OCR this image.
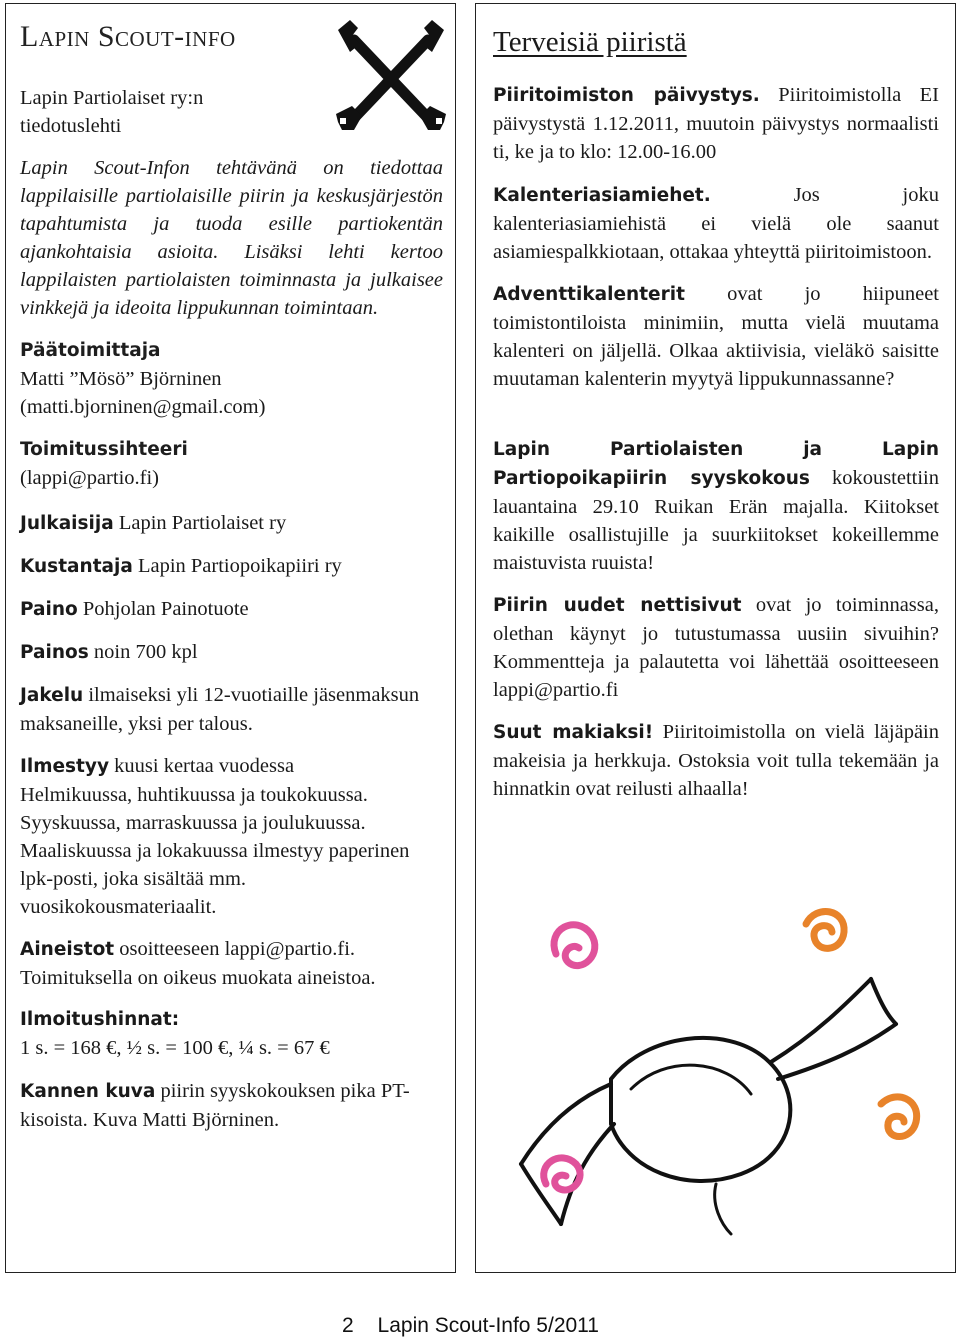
Lapin Scout-info
Lapin Partiolaiset ry:n tiedotuslehti
Lapin Scout-Infon tehtävänä on tiedottaa lappilaisille partiolaisille piirin ja keskusjärjestön tapahtumista ja tuoda esille partiokentän ajankohtaisia asioita. Lisäksi lehti kertoo lappilaisten partiolaisten toiminnasta ja julkaisee vinkkejä ja ideoita lippukunnan toimintaan.
Päätoimittaja
Matti ”Mösö” Björninen
(matti.bjorninen@gmail.com)
Toimitussihteeri
(lappi@partio.fi)
Julkaisija Lapin Partiolaiset ry
Kustantaja Lapin Partiopoikapiiri ry
Paino Pohjolan Painotuote
Painos noin 700 kpl
Jakelu ilmaiseksi yli 12-vuotiaille jäsenmaksun maksaneille, yksi per talous.
Ilmestyy kuusi kertaa vuodessa
Helmikuussa, huhtikuussa ja toukokuussa. Syyskuussa, marraskuussa ja joulukuussa. Maaliskuussa ja lokakuussa ilmestyy paperinen lpk-posti, joka sisältää mm. vuosikokousmateriaalit.
Aineistot osoitteeseen lappi@partio.fi.
Toimituksella on oikeus muokata aineistoa.
Ilmoitushinnat:
1 s. = 168 €, ½ s. = 100 €, ¼ s. = 67 €
Kannen kuva piirin syyskokouksen pika PT-kisoista. Kuva Matti Björninen.
Terveisiä piiristä
Piiritoimiston päivystys. Piiritoimistolla EI päivystystä 1.12.2011, muutoin päivystys normaalisti ti, ke ja to klo: 12.00-16.00
Kalenteriasiamiehet.	Jos joku kalenteriasiamiehistä ei vielä ole saanut asiamiespalkkiotaan, ottakaa yhteyttä piiritoimistoon.
Adventtikalenterit ovat jo hiipuneet toimistontiloista minimiin, mutta vielä muutama kalenteri on jäljellä. Olkaa aktiivisia, vieläkö saisitte muutaman kalenterin myytyä lippukunnassanne?
Lapin Partiolaisten ja Lapin Partiopoikapiirin syyskokous kokoustettiin lauantaina 29.10 Ruikan Erän majalla. Kiitokset kaikille osallistujille ja suurkiitokset kokeillemme maistuvista ruuista!
Piirin uudet nettisivut ovat jo toiminnassa, olethan käynyt jo tutustumassa uusiin sivuihin? Kommentteja ja palautetta voi lähettää osoitteeseen lappi@partio.fi
Suut makiaksi! Piiritoimistolla on vielä läjäpäin makeisia ja herkkuja. Ostoksia voit tulla tekemään ja hinnatkin ovat reilusti alhaalla!
2 Lapin Scout-Info 5/2011
